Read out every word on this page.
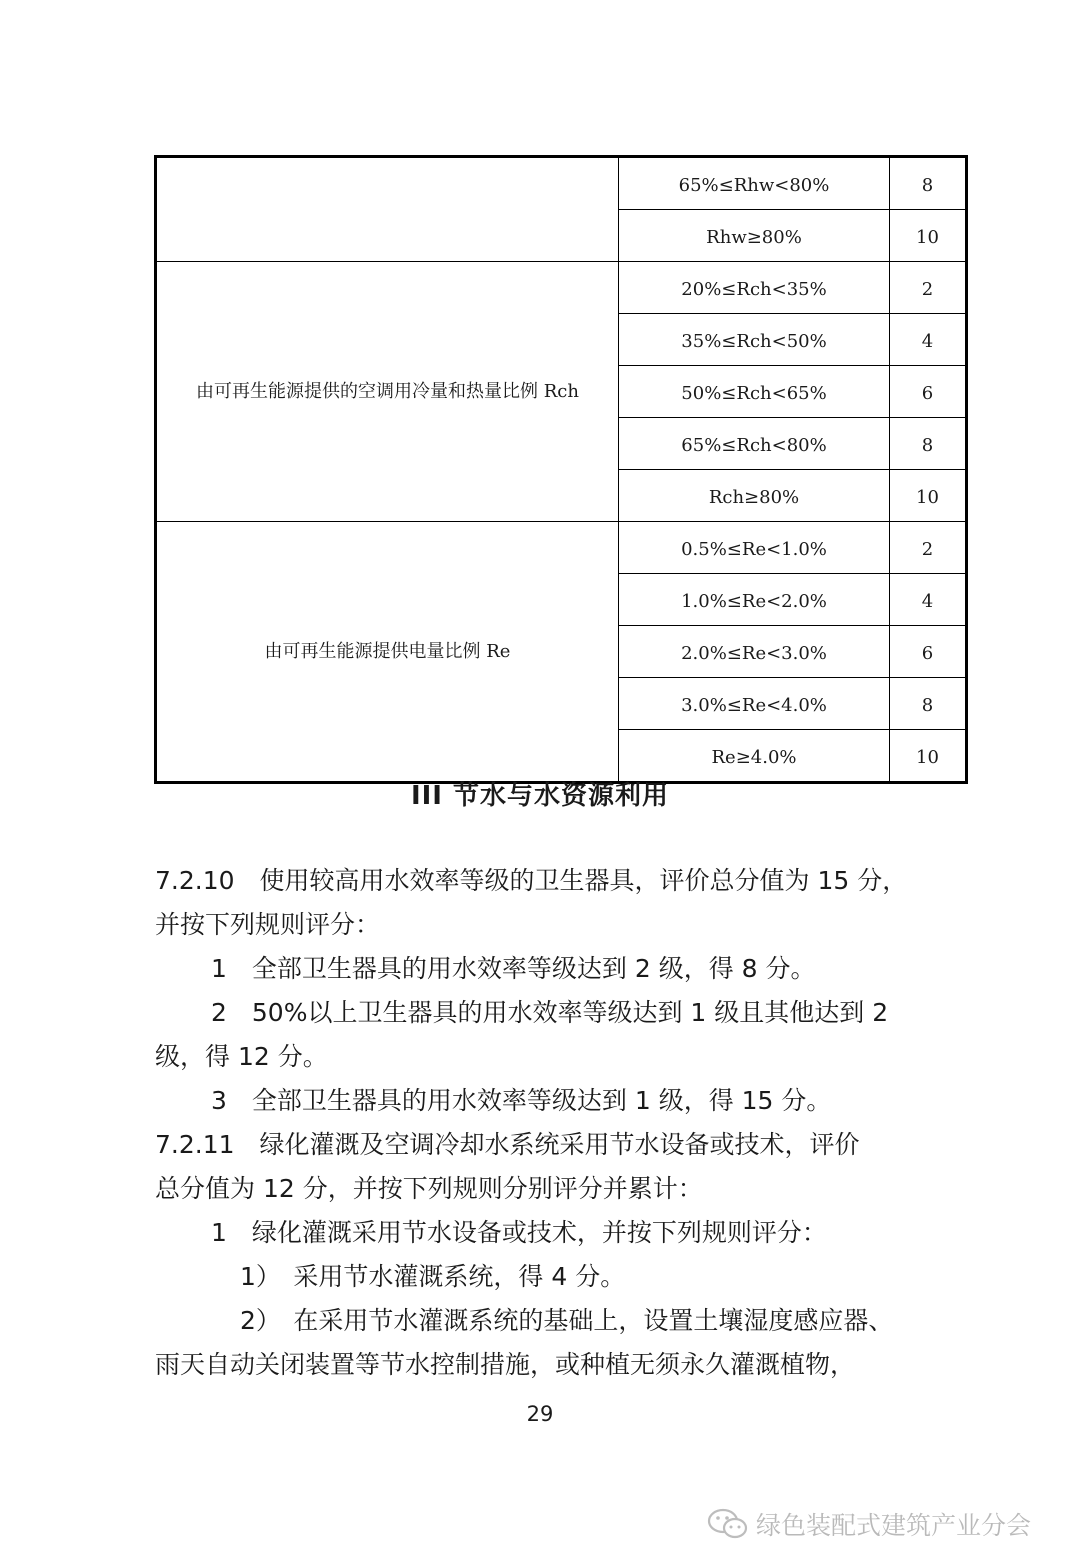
	65%≤Rhw<80%	8
	Rhw≥80%	10
由可再生能源提供的空调用冷量和热量比例 Rch	20%≤Rch<35%	2
	35%≤Rch<50%	4
	50%≤Rch<65%	6
	65%≤Rch<80%	8
	Rch≥80%	10
由可再生能源提供电量比例 Re	0.5%≤Re<1.0%	2
	1.0%≤Re<2.0%	4
	2.0%≤Re<3.0%	6
	3.0%≤Re<4.0%	8
	Re≥4.0%	10
III 节水与水资源利用
7.2.10　使用较高用水效率等级的卫生器具，评价总分值为 15 分，
并按下列规则评分：
1　全部卫生器具的用水效率等级达到 2 级，得 8 分。
2　50%以上卫生器具的用水效率等级达到 1 级且其他达到 2
级，得 12 分。
3　全部卫生器具的用水效率等级达到 1 级，得 15 分。
7.2.11　绿化灌溉及空调冷却水系统采用节水设备或技术，评价
总分值为 12 分，并按下列规则分别评分并累计：
1　绿化灌溉采用节水设备或技术，并按下列规则评分：
1）　采用节水灌溉系统，得 4 分。
2）　在采用节水灌溉系统的基础上，设置土壤湿度感应器、
雨天自动关闭装置等节水控制措施，或种植无须永久灌溉植物，
29
绿色装配式建筑产业分会
